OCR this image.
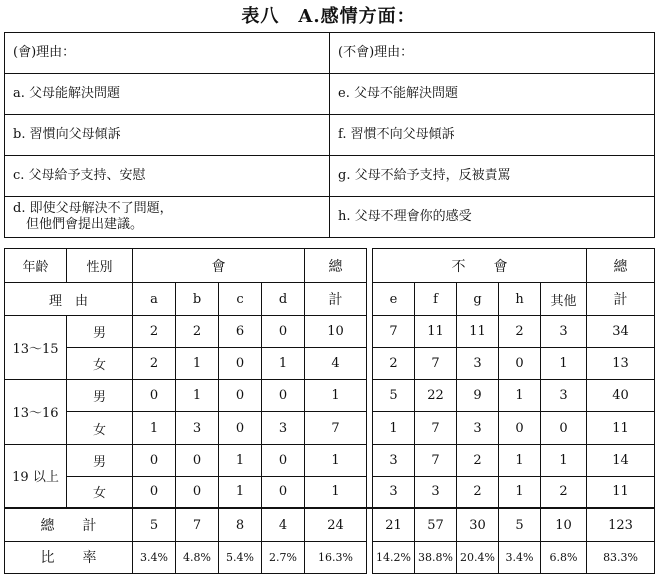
表八　A.感情方面：
(會)理由：	(不會)理由：
a. 父母能解決問題	e. 父母不能解決問題
b. 習慣向父母傾訴	f. 習慣不向父母傾訴
c. 父母給予支持、安慰	g. 父母不給予支持，反被責罵
d. 即使父母解決不了問題，
　但他們會提出建議。	h. 父母不理會你的感受
年齡	性別	會				總		不　　會					總
理　由		a	b	c	d	計		e	f	g	h	其他	計
13～15	男	2	2	6	0	10		7	11	11	2	3	34
	女	2	1	0	1	4		2	7	3	0	1	13
13～16	男	0	1	0	0	1		5	22	9	1	3	40
	女	1	3	0	3	7		1	7	3	0	0	11
19 以上	男	0	0	1	0	1		3	7	2	1	1	14
	女	0	0	1	0	1		3	3	2	1	2	11
總　　計		5	7	8	4	24		21	57	30	5	10	123
比　　率		3.4%	4.8%	5.4%	2.7%	16.3%		14.2%	38.8%	20.4%	3.4%	6.8%	83.3%
